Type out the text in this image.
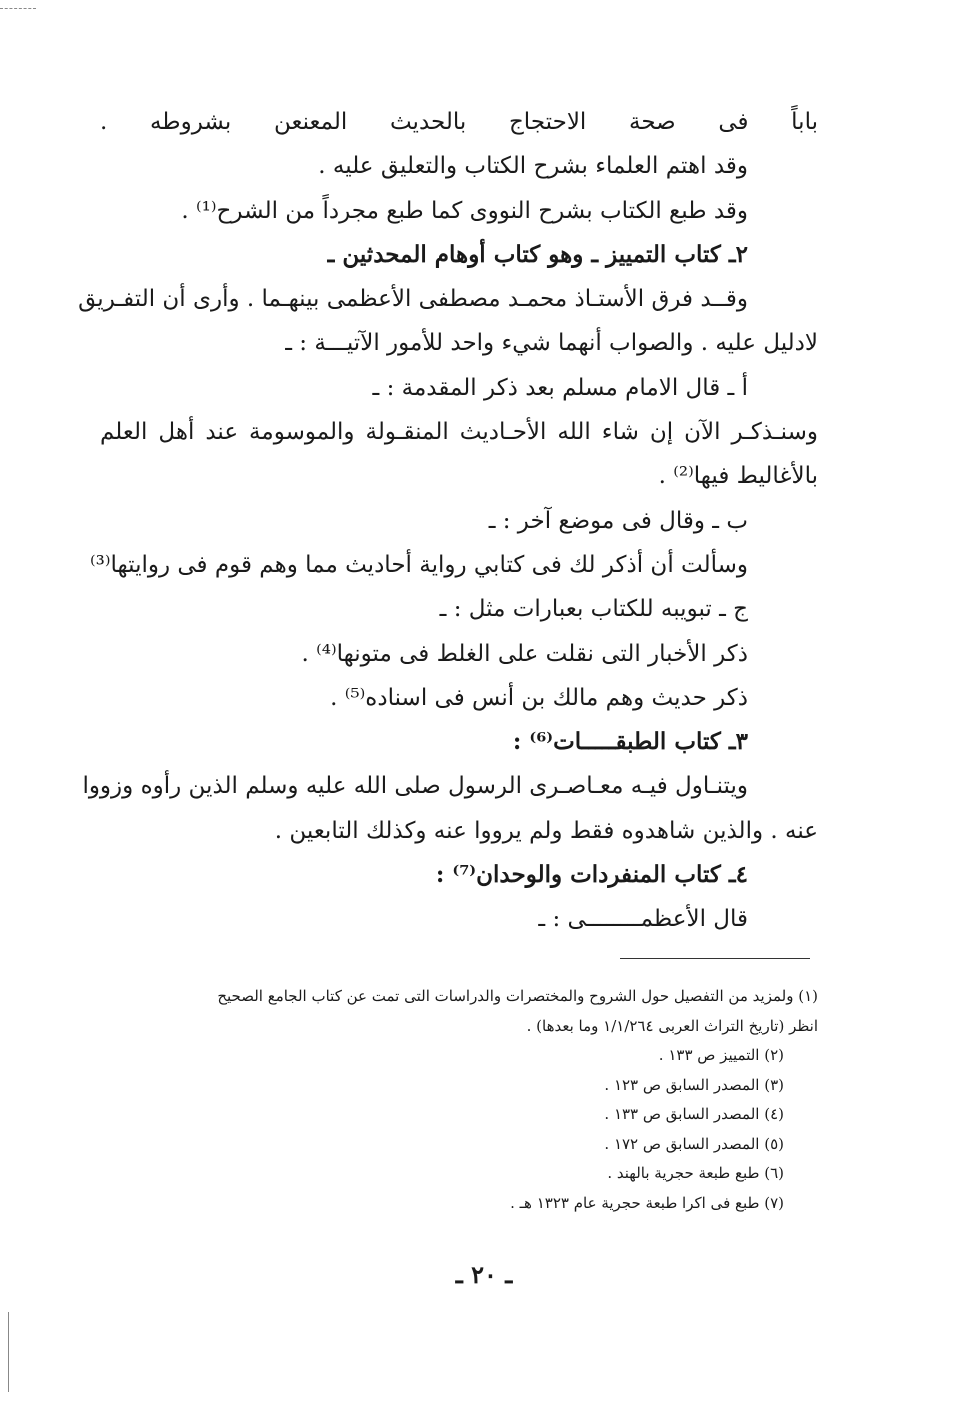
باباً فى صحة الاحتجاج بالحديث المعنعن بشروطه .
وقد اهتم العلماء بشرح الكتاب والتعليق عليه .
وقد طبع الكتاب بشرح النووى كما طبع مجرداً من الشرح⁽¹⁾ .
٢ـ كتاب التمييز ـ وهو كتاب أوهام المحدثين ـ
وقــد فرق الأستـاذ محمـد مصطفى الأعظمى بينهـما . وأرى أن التفـريق
لادليل عليه . والصواب أنهما شيء واحد للأمور الآتيـــة : ـ
أ ـ قال الامام مسلم بعد ذكر المقدمة : ـ
وسنـذكـر الآن إن شاء الله الأحـاديث المنقـولة والموسومة عند أهل العلم
بالأغاليط فيها⁽²⁾ .
ب ـ وقال فى موضع آخر : ـ
وسألت أن أذكر لك فى كتابي رواية أحاديث مما وهم قوم فى روايتها⁽³⁾
ج ـ تبويبه للكتاب بعبارات مثل : ـ
ذكر الأخبار التى نقلت على الغلط فى متونها⁽⁴⁾ .
ذكر حديث وهم مالك بن أنس فى اسناده⁽⁵⁾ .
٣ـ كتاب الطبقـــــات⁽⁶⁾ :
ويتنـاول فيـه معـاصـرى الرسول صلى الله عليه وسلم الذين رأوه وزووا
عنه . والذين شاهدوه فقط ولم يرووا عنه وكذلك التابعين .
٤ـ كتاب المنفردات والوحدان⁽⁷⁾ :
قال الأعظمــــــــى : ـ
(١) ولمزيد من التفصيل حول الشروح والمختصرات والدراسات التى تمت عن كتاب الجامع الصحيح
انظر (تاريخ التراث العربى ١/١/٢٦٤ وما بعدها) .
(٢) التمييز ص ١٣٣ .
(٣) المصدر السابق ص ١٢٣ .
(٤) المصدر السابق ص ١٣٣ .
(٥) المصدر السابق ص ١٧٢ .
(٦) طبع طبعة حجرية بالهند .
(٧) طبع فى اكرا طبعة حجرية عام ١٣٢٣ هـ .
ـ ٢٠ ـ
